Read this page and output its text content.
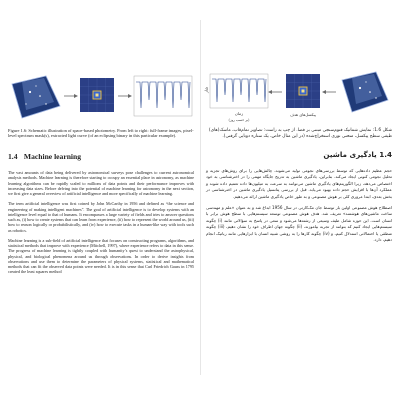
Figure 1.6: Schematic illustration of space-based photometry. From left to right: full-frame images, pixel-level spectrum mask(s), extracted light curve (of an eclipsing binary in this particular example).
1.4 Machine learning

The vast amounts of data being delivered by astronomical surveys pose challenges to current astronomical analysis methods. Machine learning is therefore starting to occupy an essential place in astronomy, as machine learning algorithms can be rapidly scaled to millions of data points and their performance improves with increasing data sizes. Before delving into the potential of machine learning for astronomy in the next section, we first give a general overview of artificial intelligence and more specifically of machine learning.

The term artificial intelligence was first coined by John McCarthy in 1956 and defined as “the science and engineering of making intelligent machines”. The goal of artificial intelligence is to develop systems with an intelligence level equal to that of humans. It encompasses a large variety of fields and tries to answer questions such as, (i) how to create systems that can learn from experience, (ii) how to represent the world around us, (iii) how to reason logically or probabilistically, and (iv) how to execute tasks in a human-like way with tools such as robotics.

Machine learning is a sub-field of artificial intelligence that focuses on constructing programs, algorithms, and statistical methods that improve with experience (Mitchell, 1997), where experience refers to data in this sense. The progress of machine learning is tightly coupled with humanity’s quest to understand the astrophysical, physical, and biological phenomena around us through observations. In order to derive insights from observations and use them to determine the parameters of physical systems, statistical and mathematical methods that can fit the observed data points were needed. It is in this sense that Carl Friedrich Gauss in 1795 created the least squares method

شار
زمان
(بر حسب روز)
پیکسل‌های هدف
شکل 1.6: نمایش شماتیک فتوم‌سنجی مبتنی بر فضا. از چپ به راست: تصاویر تمام‌قاب، ماسک‌(های) طیفی سطح پیکسل، منحنی نوری استخراج‌شده (در این مثال خاص، یک ستاره دوتایی گرفتی).
1.4 یادگیری ماشین

حجم عظیم داده‌هایی که توسط بررسی‌های نجومی تولید می‌شوند، چالش‌هایی را برای روش‌های تجزیه و تحلیل نجومی کنونی ایجاد می‌کند. بنابراین، یادگیری ماشین به تدریج جایگاه مهمی را در اخترشناسی به خود اختصاص می‌دهد، زیرا الگوریتم‌های یادگیری ماشین می‌توانند به سرعت به میلیون‌ها داده تعمیم داده شوند و عملکرد آن‌ها با افزایش حجم داده بهبود می‌یابد. قبل از بررسی پتانسیل یادگیری ماشین در اخترشناسی در بخش بعدی، ابتدا مروری کلی بر هوش مصنوعی و به طور خاص یادگیری ماشین ارائه می‌دهیم.

اصطلاح هوش مصنوعی اولین بار توسط جان مک‌کارتی در سال 1956 ابداع شد و به عنوان «علم و مهندسی ساخت ماشین‌های هوشمند» تعریف شد. هدف هوش مصنوعی توسعه سیستم‌هایی با سطح هوش برابر با انسان است. این حوزه شامل طیف وسیعی از رشته‌ها می‌شود و سعی در پاسخ به سؤالاتی مانند (i) چگونه سیستم‌هایی ایجاد کنیم که بتوانند از تجربه بیاموزند، (ii) چگونه جهان اطراف خود را نشان دهیم، (iii) چگونه منطقی یا احتمالاتی استدلال کنیم، و (iv) چگونه کارها را به روشی شبیه انسان با ابزارهایی مانند رباتیک انجام دهیم، دارد.
